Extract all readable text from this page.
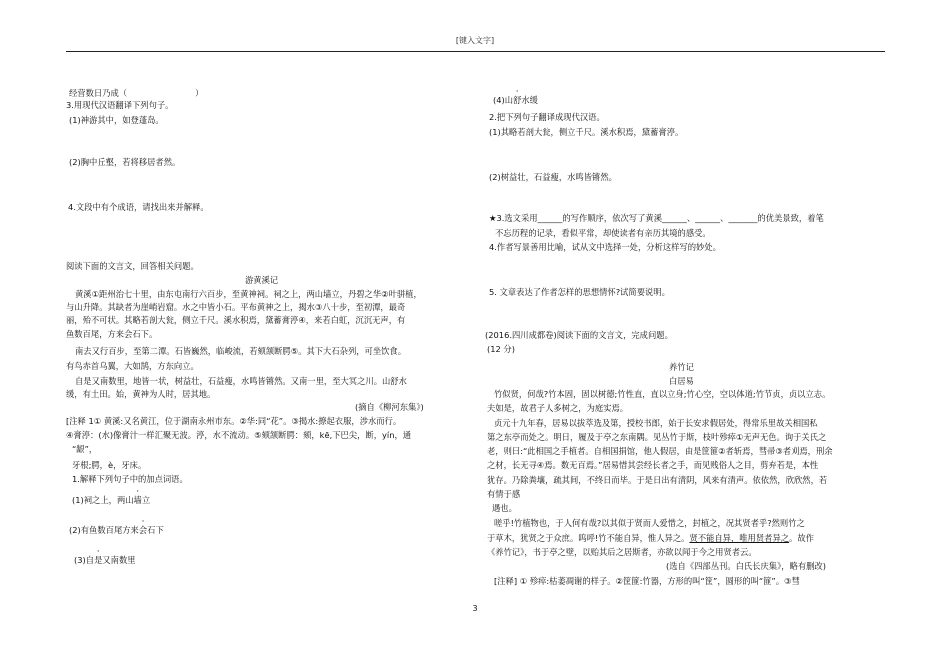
[键入文字]
经营数日乃成（	）
3.用现代汉语翻译下列句子。
(1)神游其中，如登蓬岛。
(2)胸中丘壑，若将移居者然。
4.文段中有个成语，请找出来并解释。
阅读下面的文言文，回答相关问题。
游黄溪记
黄溪①距州治七十里，由东屯南行六百步，至黄神祠。祠之上，两山墙立，丹碧之华②叶骈植，
与山升降。其缺者为崖峭岩窟。水之中皆小石。平布黄神之上，揭水③八十步，至初潭，最奇
丽，殆不可状。其略若剖大瓮，侧立千尺。溪水积焉，黛蓄膏渟④，来若白虹，沉沉无声，有
鱼数百尾，方来会石下。
南去又行百步，至第二潭。石皆巍然，临峻流，若颏颔断腭⑤。其下大石杂列，可坐饮食。
有鸟赤首乌翼，大如鹄，方东向立。
自是又南数里，地皆一状，树益壮，石益瘦，水鸣皆锵然。又南一里，至大冥之川。山舒水
缓，有土田。始，黄神为人时，居其地。
(摘自《柳河东集》)
[注释 1① 黄溪:又名黄江，位于湖南永州市东。②华:同“花”。③揭水:撩起衣服，涉水而行。
④膏渟：(水)像膏汁一样汇聚无波。渟，水不流动。⑤颏颔断腭：颏，kē,下巴尖，断，yín，通
“龈”，
牙根;腭，è，牙床。
1.解释下列句子中的加点词语。
(1)祠之上，两山墙立
(2)有鱼数百尾方来会石下
(3)自是又南数里
(4)山舒水缓
2.把下列句子翻译成现代汉语。
(1)其略若剖大瓮，侧立千尺。溪水积焉，黛蓄膏渟。
(2)树益壮，石益瘦，水鸣皆锵然。
★3.选文采用______的写作顺序，依次写了黄溪______、______、_______的优美景致，着笔
不忘历程的记录，看似平常，却使读者有亲历其境的感受。
4.作者写景善用比喻，试从文中选择一处，分析这样写的妙处。
5. 文章表达了作者怎样的思想情怀?试简要说明。
(2016.四川成都卷)阅读下面的文言文，完成问题。
(12 分)
养竹记
白居易
竹似贤，何哉?竹本固，固以树德;竹性直，直以立身;竹心空，空以体道;竹节贞，贞以立志。
夫如是，故君子人多树之，为庭实焉。
贞元十九年春，居易以拔萃选及第，授校书郎，始于长安求假居处，得常乐里故关相国私
第之东亭而处之。明日，履及于亭之东南隅。见丛竹于斯，枝叶殄瘁①无声无色。询于关氏之
老，则曰:“此相国之手植者。自相国捐馆，他人假居，由是筐篚②者斩焉，彗帚③者刈焉，刑余
之材，长无寻④焉。数无百焉。”居易惜其尝经长者之手，而见贱俗人之目，剪弃若是，本性
犹存。乃除粪壤，疏其间，不终日而毕。于是日出有清阴，风来有清声。依依然，欣欣然，若
有情于感
遇也。
嗟乎!竹植物也，于人何有哉?以其似于贤而人爱惜之，封植之，况其贤者乎?然则竹之
于草木，犹贤之于众庶。呜呼!竹不能自异，惟人异之。贤不能自异，唯用贤者异之。故作
《养竹记》，书于亭之壁，以贻其后之居斯者，亦欲以闻于今之用贤者云。
(选自《四部丛刊。白氏长庆集》，略有删改)
[注释] ① 殄瘁:枯萎凋谢的样子。②筐篚:竹器，方形的叫“筐”，圆形的叫“篚”。③彗
3
